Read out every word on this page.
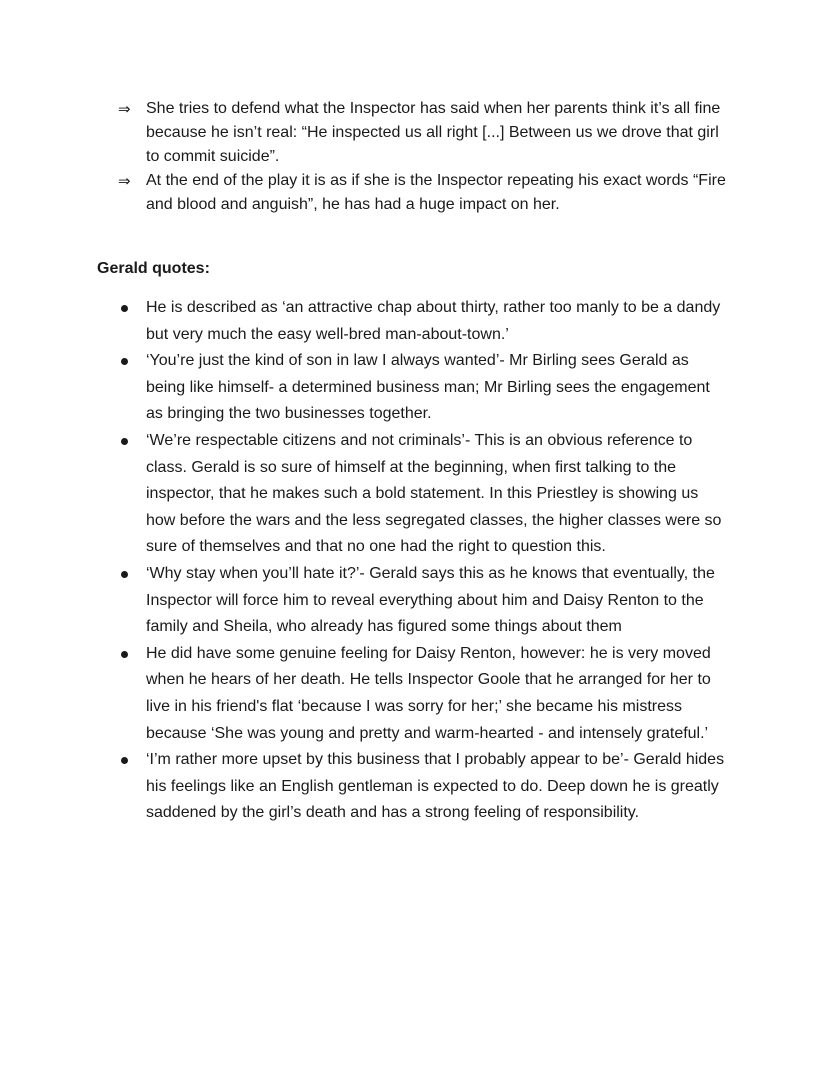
⇒ She tries to defend what the Inspector has said when her parents think it’s all fine because he isn’t real: “He inspected us all right [...] Between us we drove that girl to commit suicide”.
⇒ At the end of the play it is as if she is the Inspector repeating his exact words “Fire and blood and anguish”, he has had a huge impact on her.
Gerald quotes:
He is described as ‘an attractive chap about thirty, rather too manly to be a dandy but very much the easy well-bred man-about-town.’
‘You’re just the kind of son in law I always wanted’- Mr Birling sees Gerald as being like himself- a determined business man; Mr Birling sees the engagement as bringing the two businesses together.
‘We’re respectable citizens and not criminals’- This is an obvious reference to class. Gerald is so sure of himself at the beginning, when first talking to the inspector, that he makes such a bold statement. In this Priestley is showing us how before the wars and the less segregated classes, the higher classes were so sure of themselves and that no one had the right to question this.
‘Why stay when you’ll hate it?’- Gerald says this as he knows that eventually, the Inspector will force him to reveal everything about him and Daisy Renton to the family and Sheila, who already has figured some things about them
He did have some genuine feeling for Daisy Renton, however: he is very moved when he hears of her death. He tells Inspector Goole that he arranged for her to live in his friend's flat ‘because I was sorry for her;’ she became his mistress because ‘She was young and pretty and warm-hearted - and intensely grateful.’
‘I’m rather more upset by this business that I probably appear to be’- Gerald hides his feelings like an English gentleman is expected to do. Deep down he is greatly saddened by the girl’s death and has a strong feeling of responsibility.
